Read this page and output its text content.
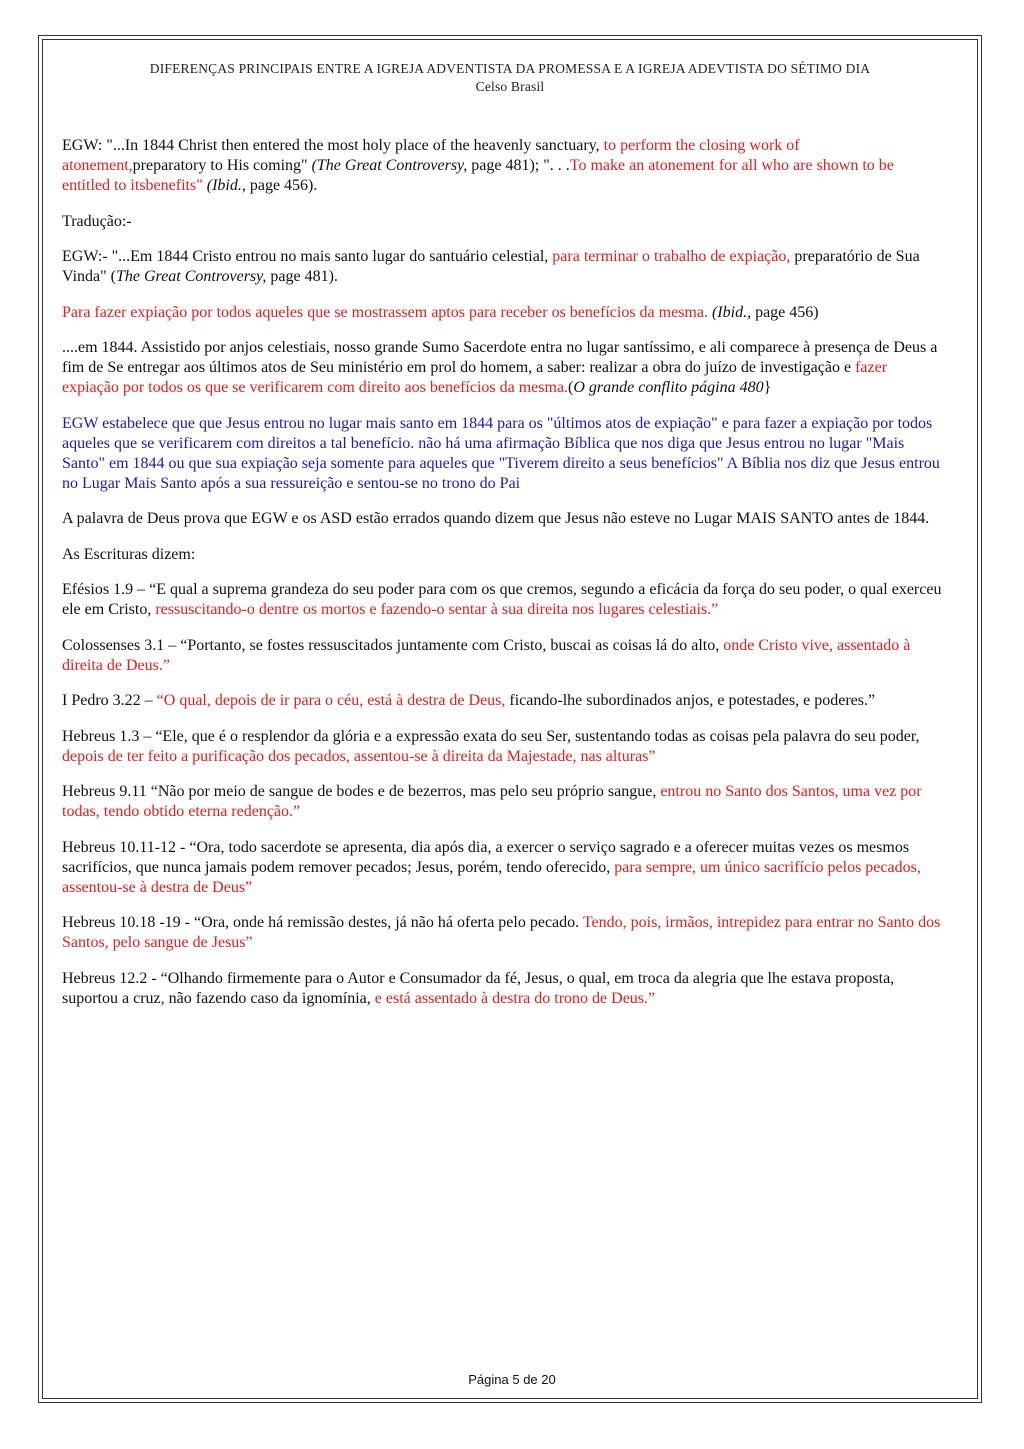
DIFERENÇAS PRINCIPAIS ENTRE A IGREJA ADVENTISTA DA PROMESSA E A IGREJA ADEVTISTA DO SÉTIMO DIA
Celso Brasil

EGW: "...In 1844 Christ then entered the most holy place of the heavenly sanctuary, to perform the closing work of atonement,preparatory to His coming" (The Great Controversy, page 481); ". . .To make an atonement for all who are shown to be entitled to itsbenefits" (Ibid., page 456).

Tradução:-

EGW:- "...Em 1844 Cristo entrou no mais santo lugar do santuário celestial, para terminar o trabalho de expiação, preparatório de Sua Vinda" (The Great Controversy, page 481).

Para fazer expiação por todos aqueles que se mostrassem aptos para receber os benefícios da mesma. (Ibid., page 456)

....em 1844. Assistido por anjos celestiais, nosso grande Sumo Sacerdote entra no lugar santíssimo, e ali comparece à presença de Deus a fim de Se entregar aos últimos atos de Seu ministério em prol do homem, a saber: realizar a obra do juízo de investigação e fazer expiação por todos os que se verificarem com direito aos benefícios da mesma.(O grande conflito página 480}

EGW estabelece que que Jesus entrou no lugar mais santo em 1844 para os "últimos atos de expiação" e para fazer a expiação por todos aqueles que se verificarem com direitos a tal benefício. não há uma afirmação Bíblica que nos diga que Jesus entrou no lugar "Mais Santo" em 1844 ou que sua expiação seja somente para aqueles que "Tiverem direito a seus benefícios" A Bíblia nos diz que Jesus entrou no Lugar Mais Santo após a sua ressureição e sentou-se no trono do Pai

A palavra de Deus prova que EGW e os ASD estão errados quando dizem que Jesus não esteve no Lugar MAIS SANTO antes de 1844.

As Escrituras dizem:

Efésios 1.9 – “E qual a suprema grandeza do seu poder para com os que cremos, segundo a eficácia da força do seu poder, o qual exerceu ele em Cristo, ressuscitando-o dentre os mortos e fazendo-o sentar à sua direita nos lugares celestiais.”

Colossenses 3.1 – “Portanto, se fostes ressuscitados juntamente com Cristo, buscai as coisas lá do alto, onde Cristo vive, assentado à direita de Deus.”

I Pedro 3.22 – “O qual, depois de ir para o céu, está à destra de Deus, ficando-lhe subordinados anjos, e potestades, e poderes.”

Hebreus 1.3 – “Ele, que é o resplendor da glória e a expressão exata do seu Ser, sustentando todas as coisas pela palavra do seu poder, depois de ter feito a purificação dos pecados, assentou-se à direita da Majestade, nas alturas”

Hebreus 9.11 “Não por meio de sangue de bodes e de bezerros, mas pelo seu próprio sangue, entrou no Santo dos Santos, uma vez por todas, tendo obtido eterna redenção.”

Hebreus 10.11-12 - “Ora, todo sacerdote se apresenta, dia após dia, a exercer o serviço sagrado e a oferecer muitas vezes os mesmos sacrifícios, que nunca jamais podem remover pecados; Jesus, porém, tendo oferecido, para sempre, um único sacrifício pelos pecados, assentou-se à destra de Deus”

Hebreus 10.18 -19 - “Ora, onde há remissão destes, já não há oferta pelo pecado. Tendo, pois, irmãos, intrepidez para entrar no Santo dos Santos, pelo sangue de Jesus”

Hebreus 12.2 - “Olhando firmemente para o Autor e Consumador da fé, Jesus, o qual, em troca da alegria que lhe estava proposta, suportou a cruz, não fazendo caso da ignomínia, e está assentado à destra do trono de Deus.”

Página 5 de 20
